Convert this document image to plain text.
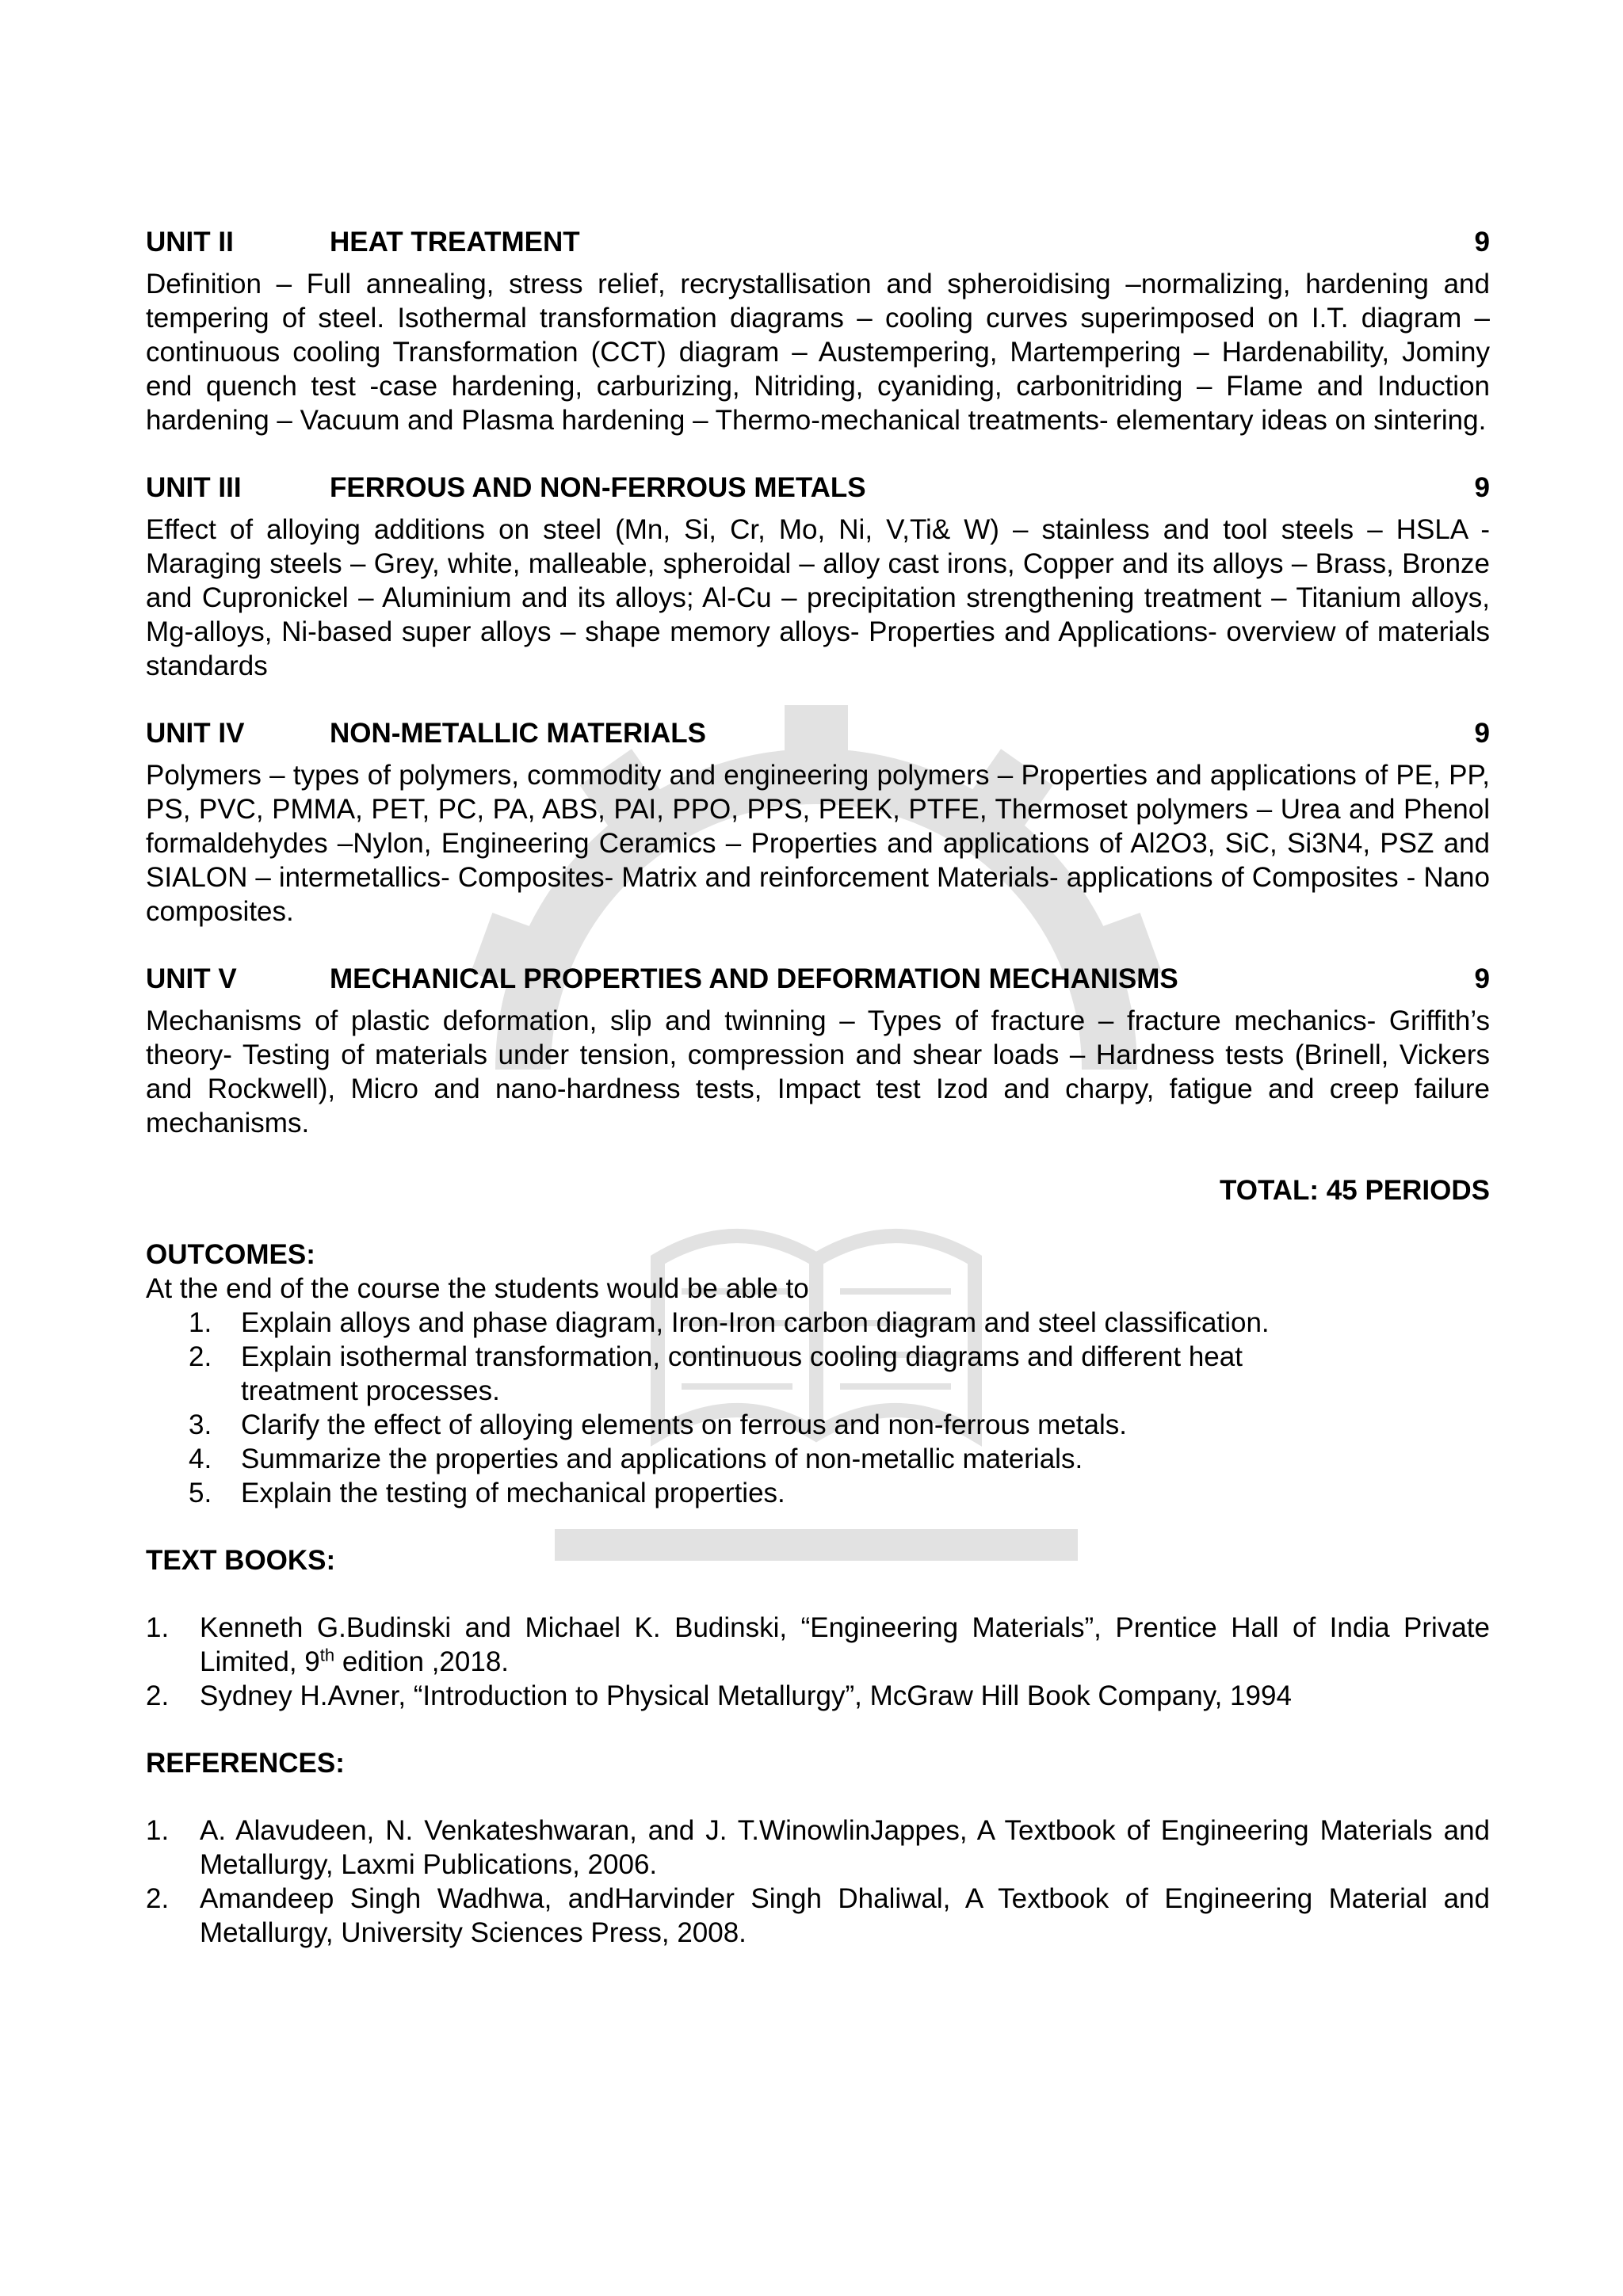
UNIT II	HEAT TREATMENT	9

Definition – Full annealing, stress relief, recrystallisation and spheroidising –normalizing, hardening and tempering of steel. Isothermal transformation diagrams – cooling curves superimposed on I.T. diagram – continuous cooling Transformation (CCT) diagram – Austempering, Martempering – Hardenability, Jominy end quench test -case hardening, carburizing, Nitriding, cyaniding, carbonitriding – Flame and Induction hardening – Vacuum and Plasma hardening – Thermo-mechanical treatments- elementary ideas on sintering.

UNIT III	FERROUS AND NON-FERROUS METALS	9

Effect of alloying additions on steel (Mn, Si, Cr, Mo, Ni, V,Ti& W) – stainless and tool steels – HSLA - Maraging steels – Grey, white, malleable, spheroidal – alloy cast irons, Copper and its alloys – Brass, Bronze and Cupronickel – Aluminium and its alloys; Al-Cu – precipitation strengthening treatment – Titanium alloys, Mg-alloys, Ni-based super alloys – shape memory alloys- Properties and Applications- overview of materials standards

UNIT IV	NON-METALLIC MATERIALS	9

Polymers – types of polymers, commodity and engineering polymers – Properties and applications of PE, PP, PS, PVC, PMMA, PET, PC, PA, ABS, PAI, PPO, PPS, PEEK, PTFE, Thermoset polymers – Urea and Phenol formaldehydes –Nylon, Engineering Ceramics – Properties and applications of Al2O3, SiC, Si3N4, PSZ and SIALON – intermetallics- Composites- Matrix and reinforcement Materials- applications of Composites - Nano composites.

UNIT V	MECHANICAL PROPERTIES AND DEFORMATION MECHANISMS	9

Mechanisms of plastic deformation, slip and twinning – Types of fracture – fracture mechanics- Griffith’s theory- Testing of materials under tension, compression and shear loads – Hardness tests (Brinell, Vickers and Rockwell), Micro and nano-hardness tests, Impact test Izod and charpy, fatigue and creep failure mechanisms.

TOTAL: 45 PERIODS

OUTCOMES:

At the end of the course the students would be able to

1.	Explain alloys and phase diagram, Iron-Iron carbon diagram and steel classification.
2.	Explain isothermal transformation, continuous cooling diagrams and different heat treatment processes.
3.	Clarify the effect of alloying elements on ferrous and non-ferrous metals.
4.	Summarize the properties and applications of non-metallic materials.
5.	Explain the testing of mechanical properties.

TEXT BOOKS:

1.	Kenneth G.Budinski and Michael K. Budinski, “Engineering Materials”, Prentice Hall of India Private Limited, 9th edition ,2018.
2.	Sydney H.Avner, “Introduction to Physical Metallurgy”, McGraw Hill Book Company, 1994

REFERENCES:

1.	A. Alavudeen, N. Venkateshwaran, and J. T.WinowlinJappes, A Textbook of Engineering Materials and Metallurgy, Laxmi Publications, 2006.
2.	Amandeep Singh Wadhwa, andHarvinder Singh Dhaliwal, A Textbook of Engineering Material and Metallurgy, University Sciences Press, 2008.
